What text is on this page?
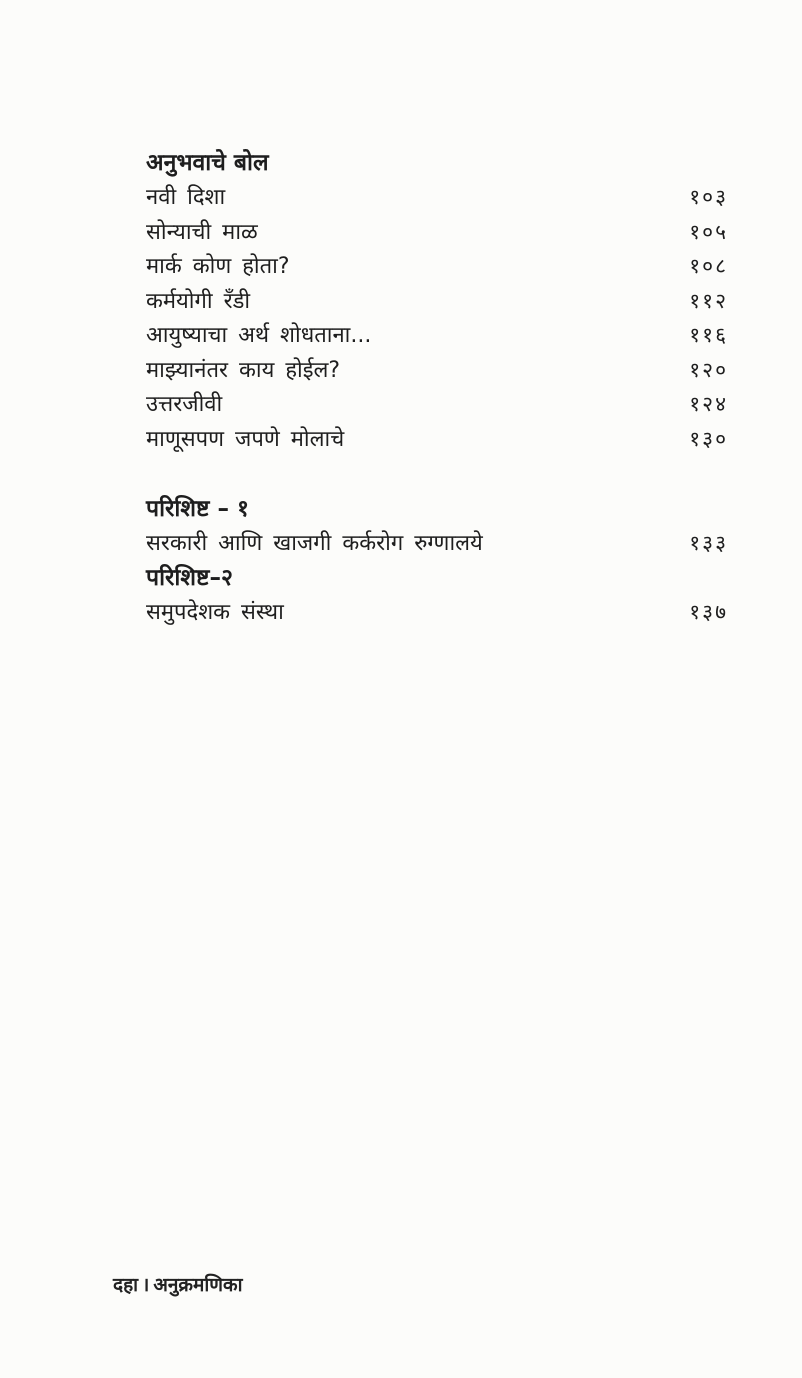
अनुभवाचे बोल
नवी दिशा	१०३
सोन्याची माळ	१०५
मार्क कोण होता?	१०८
कर्मयोगी रँडी	११२
आयुष्याचा अर्थ शोधताना...	११६
माझ्यानंतर काय होईल?	१२०
उत्तरजीवी	१२४
माणूसपण जपणे मोलाचे	१३०
परिशिष्ट – १
सरकारी आणि खाजगी कर्करोग रुग्णालये	१३३
परिशिष्ट–२
समुपदेशक संस्था	१३७
दहा । अनुक्रमणिका
